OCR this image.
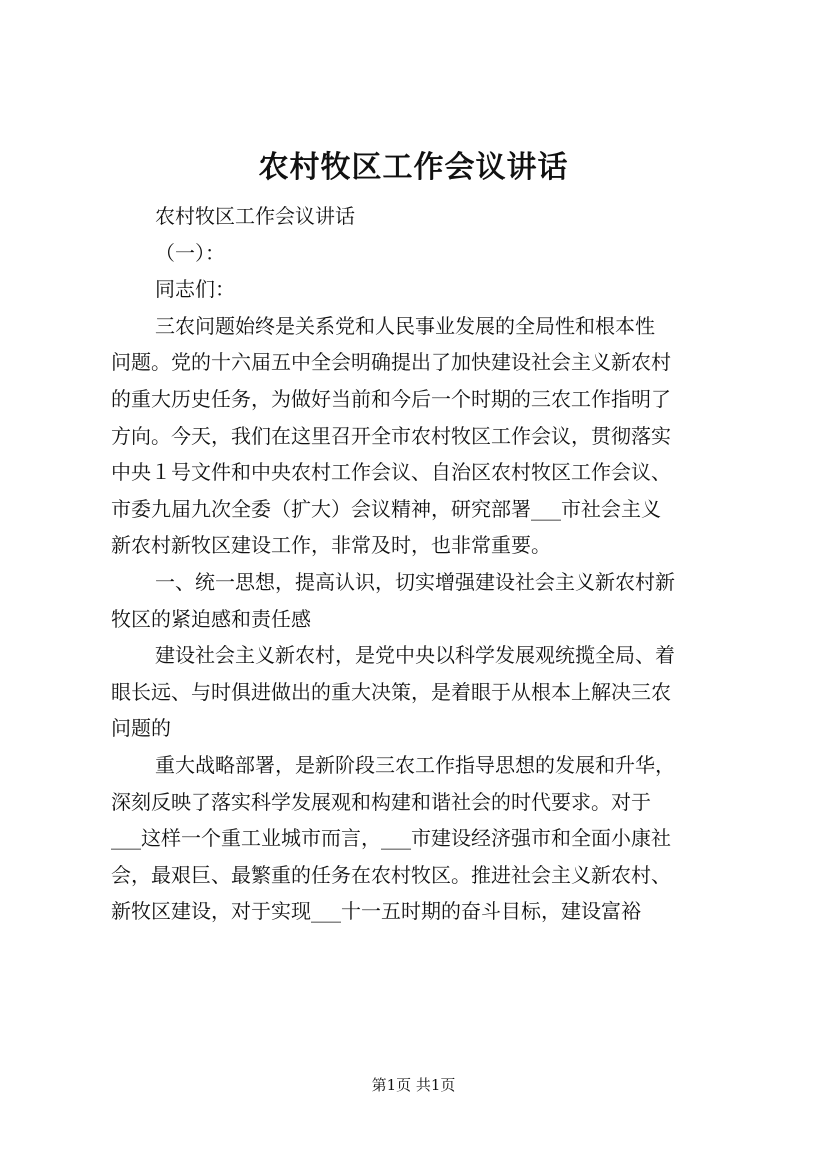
农村牧区工作会议讲话
农村牧区工作会议讲话
（一）：
同志们：
三农问题始终是关系党和人民事业发展的全局性和根本性
问题。党的十六届五中全会明确提出了加快建设社会主义新农村
的重大历史任务，为做好当前和今后一个时期的三农工作指明了
方向。今天，我们在这里召开全市农村牧区工作会议，贯彻落实
中央１号文件和中央农村工作会议、自治区农村牧区工作会议、
市委九届九次全委（扩大）会议精神，研究部署___市社会主义
新农村新牧区建设工作，非常及时，也非常重要。
一、统一思想，提高认识，切实增强建设社会主义新农村新
牧区的紧迫感和责任感
建设社会主义新农村，是党中央以科学发展观统揽全局、着
眼长远、与时俱进做出的重大决策，是着眼于从根本上解决三农
问题的
重大战略部署，是新阶段三农工作指导思想的发展和升华，
深刻反映了落实科学发展观和构建和谐社会的时代要求。对于
___这样一个重工业城市而言，___市建设经济强市和全面小康社
会，最艰巨、最繁重的任务在农村牧区。推进社会主义新农村、
新牧区建设，对于实现___十一五时期的奋斗目标，建设富裕
第1页 共1页
